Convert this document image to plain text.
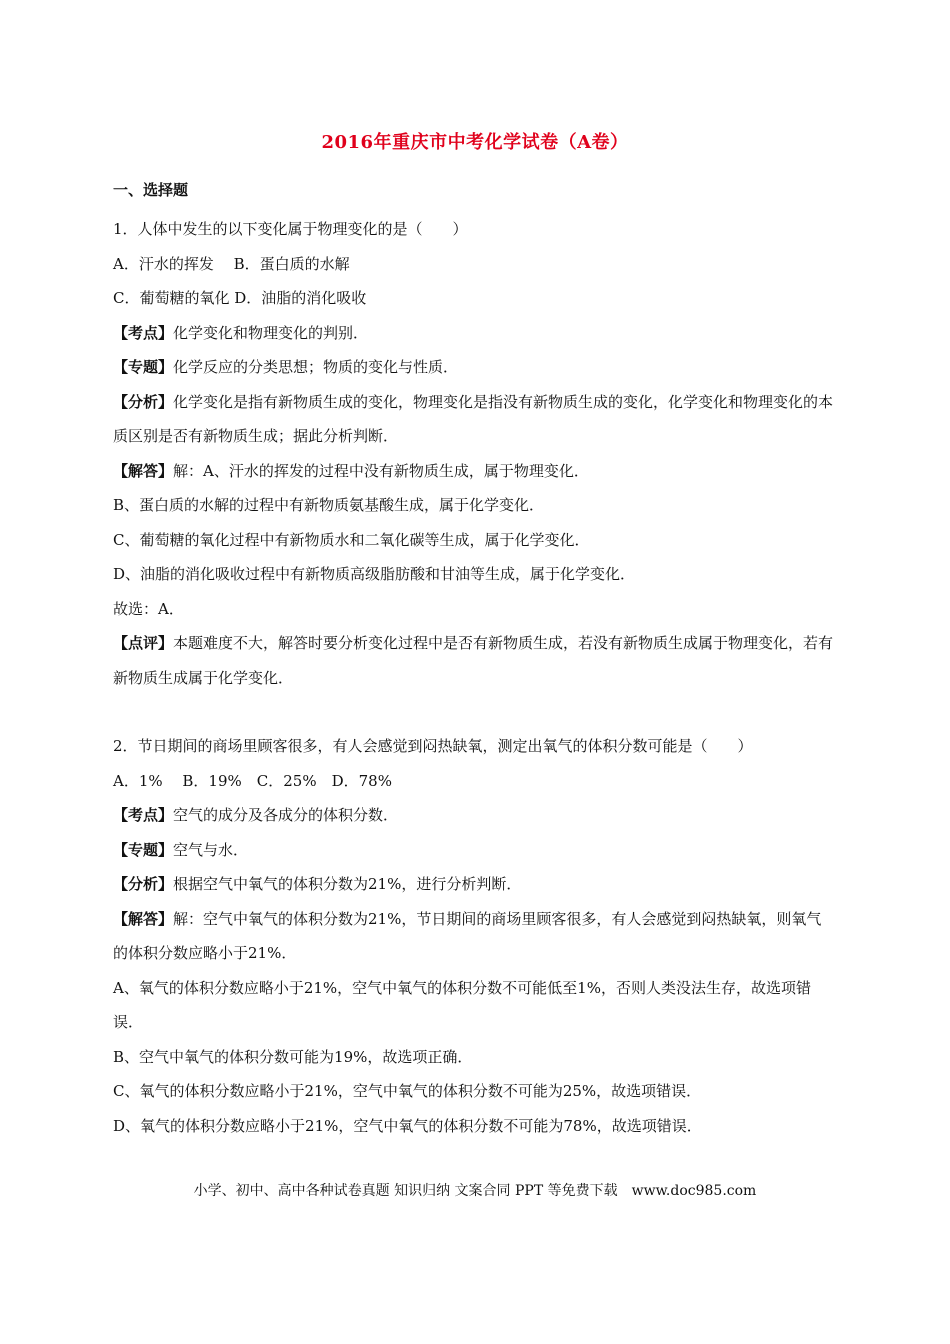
2016年重庆市中考化学试卷（A卷）
一、选择题
1．人体中发生的以下变化属于物理变化的是（　　）
A．汗水的挥发　 B．蛋白质的水解
C．葡萄糖的氧化 D．油脂的消化吸收
【考点】化学变化和物理变化的判别．
【专题】化学反应的分类思想；物质的变化与性质．
【分析】化学变化是指有新物质生成的变化，物理变化是指没有新物质生成的变化，化学变化和物理变化的本质区别是否有新物质生成；据此分析判断．
【解答】解：A、汗水的挥发的过程中没有新物质生成，属于物理变化．
B、蛋白质的水解的过程中有新物质氨基酸生成，属于化学变化．
C、葡萄糖的氧化过程中有新物质水和二氧化碳等生成，属于化学变化．
D、油脂的消化吸收过程中有新物质高级脂肪酸和甘油等生成，属于化学变化．
故选：A．
【点评】本题难度不大，解答时要分析变化过程中是否有新物质生成，若没有新物质生成属于物理变化，若有新物质生成属于化学变化．
2．节日期间的商场里顾客很多，有人会感觉到闷热缺氧，测定出氧气的体积分数可能是（　　）
A．1%　 B．19%　C．25%　D．78%
【考点】空气的成分及各成分的体积分数．
【专题】空气与水．
【分析】根据空气中氧气的体积分数为21%，进行分析判断．
【解答】解：空气中氧气的体积分数为21%，节日期间的商场里顾客很多，有人会感觉到闷热缺氧，则氧气的体积分数应略小于21%．
A、氧气的体积分数应略小于21%，空气中氧气的体积分数不可能低至1%，否则人类没法生存，故选项错误．
B、空气中氧气的体积分数可能为19%，故选项正确．
C、氧气的体积分数应略小于21%，空气中氧气的体积分数不可能为25%，故选项错误．
D、氧气的体积分数应略小于21%，空气中氧气的体积分数不可能为78%，故选项错误．
小学、初中、高中各种试卷真题 知识归纳 文案合同 PPT 等免费下载　www.doc985.com
